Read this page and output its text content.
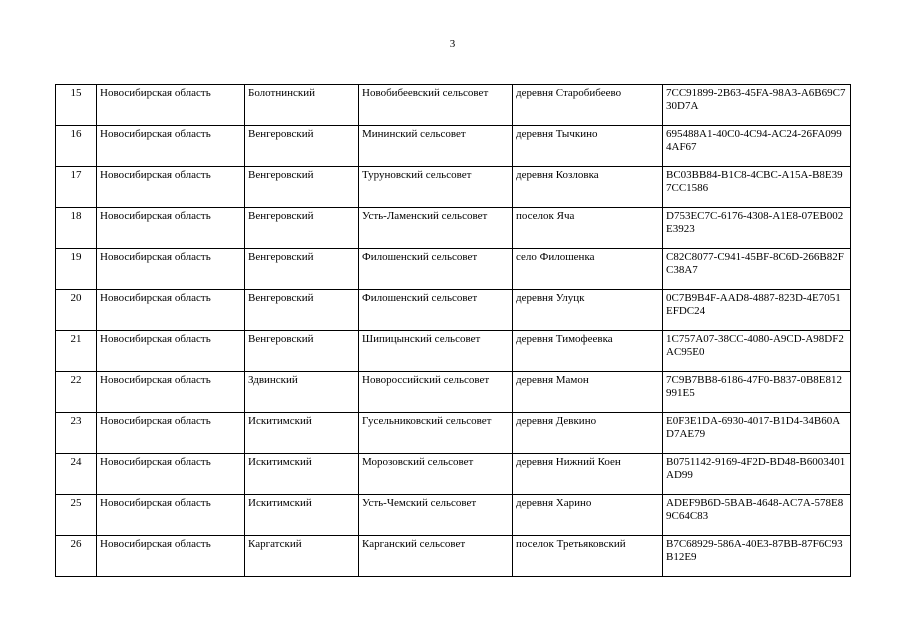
3
15	Новосибирская область	Болотнинский	Новобибеевский сельсовет	деревня Старобибеево	7CC91899-2B63-45FA-98A3-A6B69C730D7A
16	Новосибирская область	Венгеровский	Мининский сельсовет	деревня Тычкино	695488A1-40C0-4C94-AC24-26FA0994AF67
17	Новосибирская область	Венгеровский	Туруновский сельсовет	деревня Козловка	BC03BB84-B1C8-4CBC-A15A-B8E397CC1586
18	Новосибирская область	Венгеровский	Усть-Ламенский сельсовет	поселок Яча	D753EC7C-6176-4308-A1E8-07EB002E3923
19	Новосибирская область	Венгеровский	Филошенский сельсовет	село Филошенка	C82C8077-C941-45BF-8C6D-266B82FC38A7
20	Новосибирская область	Венгеровский	Филошенский сельсовет	деревня Улуцк	0C7B9B4F-AAD8-4887-823D-4E7051EFDC24
21	Новосибирская область	Венгеровский	Шипицынский сельсовет	деревня Тимофеевка	1C757A07-38CC-4080-A9CD-A98DF2AC95E0
22	Новосибирская область	Здвинский	Новороссийский сельсовет	деревня Мамон	7C9B7BB8-6186-47F0-B837-0B8E812991E5
23	Новосибирская область	Искитимский	Гусельниковский сельсовет	деревня Девкино	E0F3E1DA-6930-4017-B1D4-34B60AD7AE79
24	Новосибирская область	Искитимский	Морозовский сельсовет	деревня Нижний Коен	B0751142-9169-4F2D-BD48-B6003401AD99
25	Новосибирская область	Искитимский	Усть-Чемский сельсовет	деревня Харино	ADEF9B6D-5BAB-4648-AC7A-578E89C64C83
26	Новосибирская область	Каргатский	Карганский сельсовет	поселок Третьяковский	B7C68929-586A-40E3-87BB-87F6C93B12E9
